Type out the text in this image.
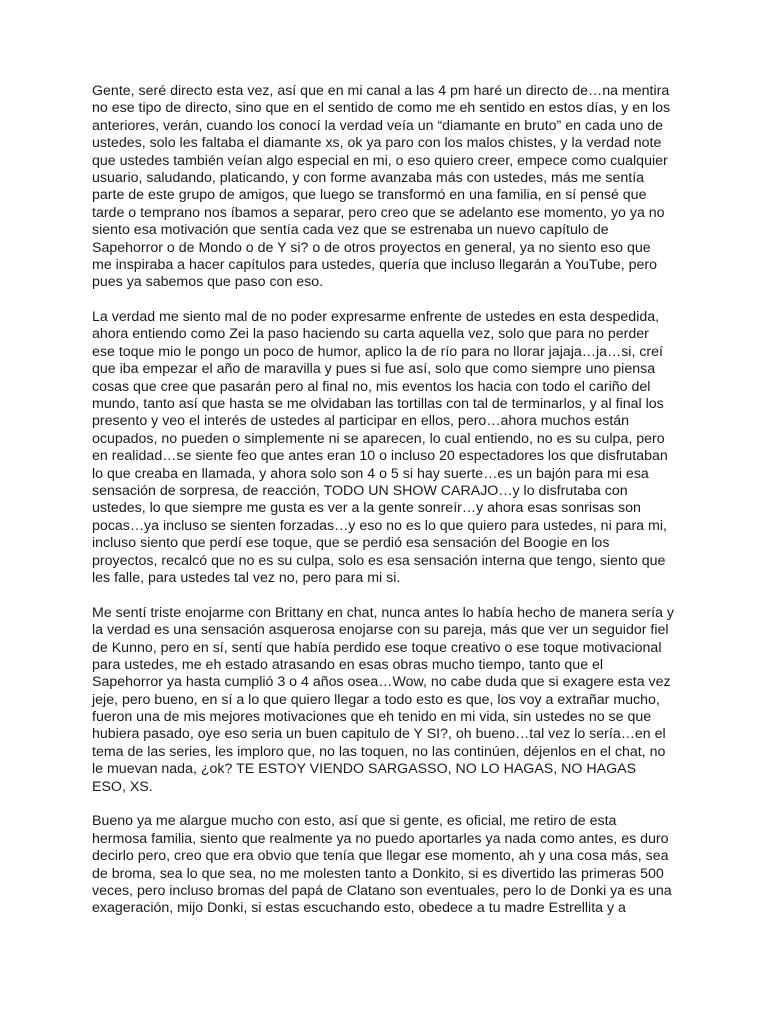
Gente, seré directo esta vez, así que en mi canal a las 4 pm haré un directo de…na mentira
no ese tipo de directo, sino que en el sentido de como me eh sentido en estos días, y en los
anteriores, verán, cuando los conocí la verdad veía un “diamante en bruto” en cada uno de
ustedes, solo les faltaba el diamante xs, ok ya paro con los malos chistes, y la verdad note
que ustedes también veían algo especial en mi, o eso quiero creer, empece como cualquier
usuario, saludando, platicando, y con forme avanzaba más con ustedes, más me sentía
parte de este grupo de amigos, que luego se transformó en una familia, en sí pensé que
tarde o temprano nos íbamos a separar, pero creo que se adelanto ese momento, yo ya no
siento esa motivación que sentía cada vez que se estrenaba un nuevo capítulo de
Sapehorror o de Mondo o de Y si? o de otros proyectos en general, ya no siento eso que
me inspiraba a hacer capítulos para ustedes, quería que incluso llegarán a YouTube, pero
pues ya sabemos que paso con eso.
La verdad me siento mal de no poder expresarme enfrente de ustedes en esta despedida,
ahora entiendo como Zei la paso haciendo su carta aquella vez, solo que para no perder
ese toque mio le pongo un poco de humor, aplico la de río para no llorar jajaja…ja…si, creí
que iba empezar el año de maravilla y pues si fue así, solo que como siempre uno piensa
cosas que cree que pasarán pero al final no, mis eventos los hacia con todo el cariño del
mundo, tanto así que hasta se me olvidaban las tortillas con tal de terminarlos, y al final los
presento y veo el interés de ustedes al participar en ellos, pero…ahora muchos están
ocupados, no pueden o simplemente ni se aparecen, lo cual entiendo, no es su culpa, pero
en realidad…se siente feo que antes eran 10 o incluso 20 espectadores los que disfrutaban
lo que creaba en llamada, y ahora solo son 4 o 5 si hay suerte…es un bajón para mi esa
sensación de sorpresa, de reacción, TODO UN SHOW CARAJO…y lo disfrutaba con
ustedes, lo que siempre me gusta es ver a la gente sonreír…y ahora esas sonrisas son
pocas…ya incluso se sienten forzadas…y eso no es lo que quiero para ustedes, ni para mi,
incluso siento que perdí ese toque, que se perdió esa sensación del Boogie en los
proyectos, recalcó que no es su culpa, solo es esa sensación interna que tengo, siento que
les falle, para ustedes tal vez no, pero para mi si.
Me sentí triste enojarme con Brittany en chat, nunca antes lo había hecho de manera sería y
la verdad es una sensación asquerosa enojarse con su pareja, más que ver un seguidor fiel
de Kunno, pero en sí, sentí que había perdido ese toque creativo o ese toque motivacional
para ustedes, me eh estado atrasando en esas obras mucho tiempo, tanto que el
Sapehorror ya hasta cumplió 3 o 4 años osea…Wow, no cabe duda que si exagere esta vez
jeje, pero bueno, en sí a lo que quiero llegar a todo esto es que, los voy a extrañar mucho,
fueron una de mis mejores motivaciones que eh tenido en mi vida, sin ustedes no se que
hubiera pasado, oye eso seria un buen capitulo de Y SI?, oh bueno…tal vez lo sería…en el
tema de las series, les imploro que, no las toquen, no las continúen, déjenlos en el chat, no
le muevan nada, ¿ok? TE ESTOY VIENDO SARGASSO, NO LO HAGAS, NO HAGAS
ESO, XS.
Bueno ya me alargue mucho con esto, así que si gente, es oficial, me retiro de esta
hermosa familia, siento que realmente ya no puedo aportarles ya nada como antes, es duro
decirlo pero, creo que era obvio que tenía que llegar ese momento, ah y una cosa más, sea
de broma, sea lo que sea, no me molesten tanto a Donkito, si es divertido las primeras 500
veces, pero incluso bromas del papá de Clatano son eventuales, pero lo de Donki ya es una
exageración, mijo Donki, si estas escuchando esto, obedece a tu madre Estrellita y a
